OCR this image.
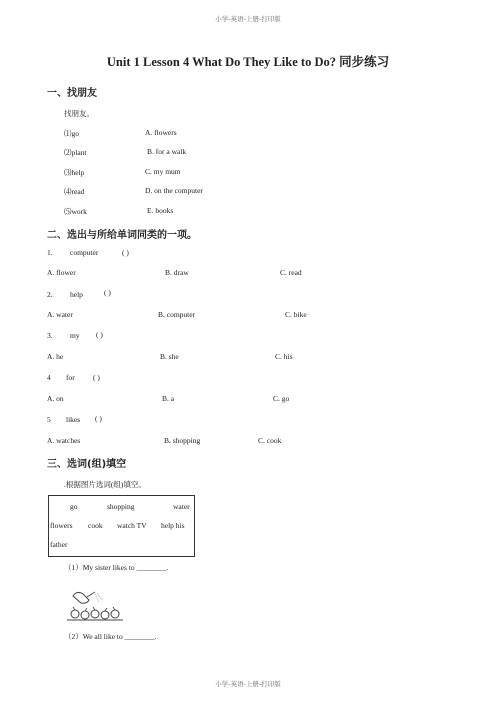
小学-英语-上册-打印版
Unit 1 Lesson 4 What Do They Like to Do? 同步练习
一、找朋友
找朋友。
⑴go	A. flowers
⑵plant	B. for a walk
⑶help	C. my mum
⑷read	D. on the computer
⑸work	E. books
二、选出与所给单词同类的一项。
1. computer	( )
A. flower	B. draw	C. read
2. help	( )
A. water	B. computer	C. bike
3. my ( )
A. he	B. she	C. his
4 for ( )
A. on	B. a	C. go
5 likes ( )
A. watches	B. shopping	C. cook
三、选词(组)填空
.根据图片选词(组)填空。
go	shopping	water
flowers cook watch TV help his
father
（1）My sister likes to ________.
（2）We all like to ________.
小学-英语-上册-打印版
